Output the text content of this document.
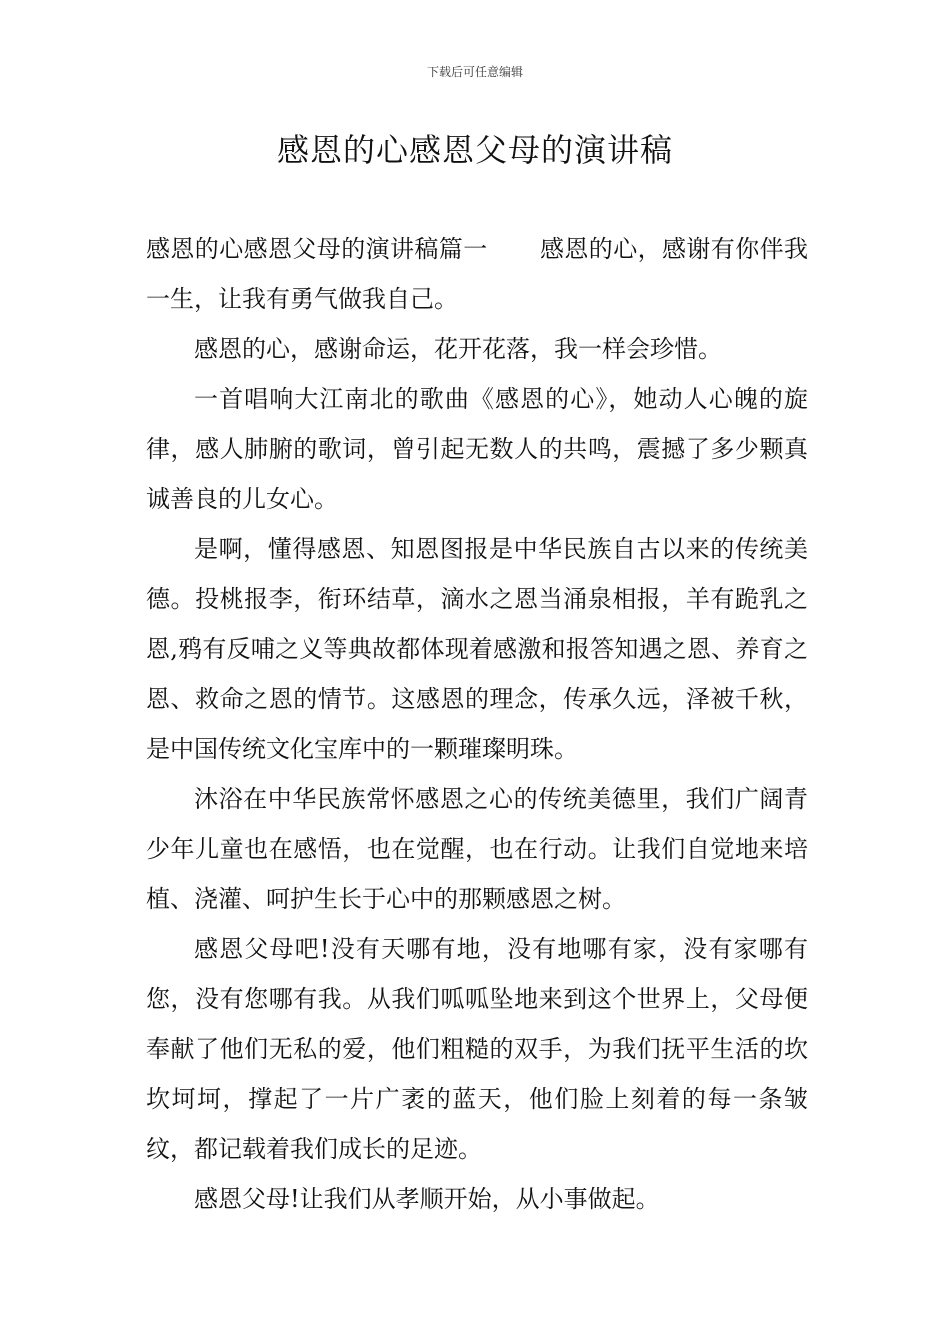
下载后可任意编辑
感恩的心感恩父母的演讲稿

感恩的心感恩父母的演讲稿篇一 感恩的心，感谢有你伴我一生，让我有勇气做我自己。

感恩的心，感谢命运，花开花落，我一样会珍惜。

一首唱响大江南北的歌曲《感恩的心》，她动人心魄的旋律，感人肺腑的歌词，曾引起无数人的共鸣，震撼了多少颗真诚善良的儿女心。

是啊，懂得感恩、知恩图报是中华民族自古以来的传统美德。投桃报李，衔环结草，滴水之恩当涌泉相报，羊有跪乳之恩,鸦有反哺之义等典故都体现着感激和报答知遇之恩、养育之恩、救命之恩的情节。这感恩的理念，传承久远，泽被千秋，是中国传统文化宝库中的一颗璀璨明珠。

沐浴在中华民族常怀感恩之心的传统美德里，我们广阔青少年儿童也在感悟，也在觉醒，也在行动。让我们自觉地来培植、浇灌、呵护生长于心中的那颗感恩之树。

感恩父母吧!没有天哪有地，没有地哪有家，没有家哪有您，没有您哪有我。从我们呱呱坠地来到这个世界上，父母便奉献了他们无私的爱，他们粗糙的双手，为我们抚平生活的坎坎坷坷，撑起了一片广袤的蓝天，他们脸上刻着的每一条皱纹，都记载着我们成长的足迹。

感恩父母!让我们从孝顺开始，从小事做起。
